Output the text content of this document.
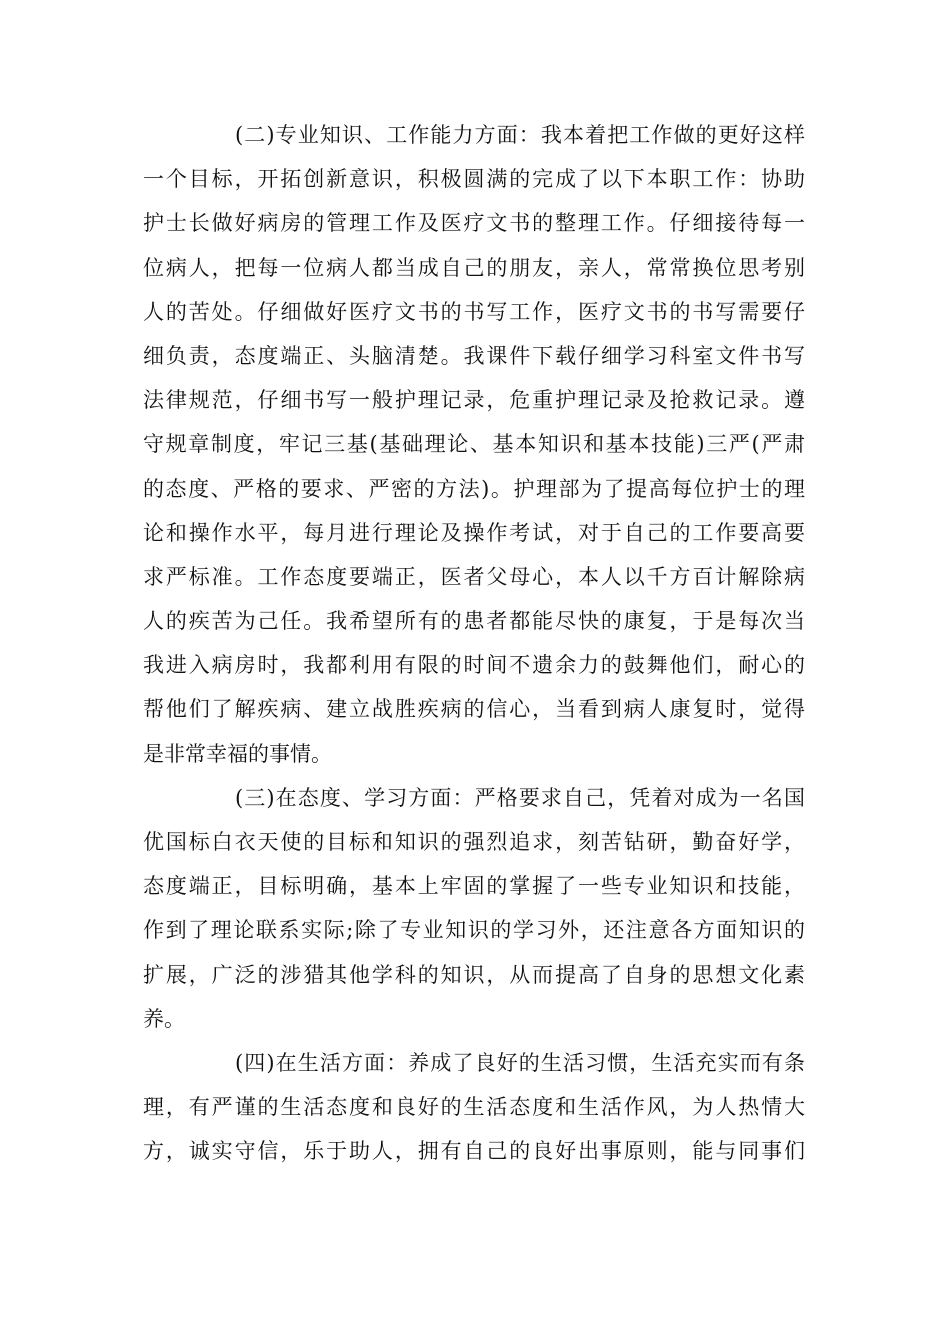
(二)专业知识、工作能力方面：我本着把工作做的更好这样
一个目标，开拓创新意识，积极圆满的完成了以下本职工作：协助
护士长做好病房的管理工作及医疗文书的整理工作。仔细接待每一
位病人，把每一位病人都当成自己的朋友，亲人，常常换位思考别
人的苦处。仔细做好医疗文书的书写工作，医疗文书的书写需要仔
细负责，态度端正、头脑清楚。我课件下载仔细学习科室文件书写
法律规范，仔细书写一般护理记录，危重护理记录及抢救记录。遵
守规章制度，牢记三基(基础理论、基本知识和基本技能)三严(严肃
的态度、严格的要求、严密的方法)。护理部为了提高每位护士的理
论和操作水平，每月进行理论及操作考试，对于自己的工作要高要
求严标准。工作态度要端正，医者父母心，本人以千方百计解除病
人的疾苦为己任。我希望所有的患者都能尽快的康复，于是每次当
我进入病房时，我都利用有限的时间不遗余力的鼓舞他们，耐心的
帮他们了解疾病、建立战胜疾病的信心，当看到病人康复时，觉得
是非常幸福的事情。
(三)在态度、学习方面：严格要求自己，凭着对成为一名国
优国标白衣天使的目标和知识的强烈追求，刻苦钻研，勤奋好学，
态度端正，目标明确，基本上牢固的掌握了一些专业知识和技能，
作到了理论联系实际;除了专业知识的学习外，还注意各方面知识的
扩展，广泛的涉猎其他学科的知识，从而提高了自身的思想文化素
养。
(四)在生活方面：养成了良好的生活习惯，生活充实而有条
理，有严谨的生活态度和良好的生活态度和生活作风，为人热情大
方，诚实守信，乐于助人，拥有自己的良好出事原则，能与同事们
